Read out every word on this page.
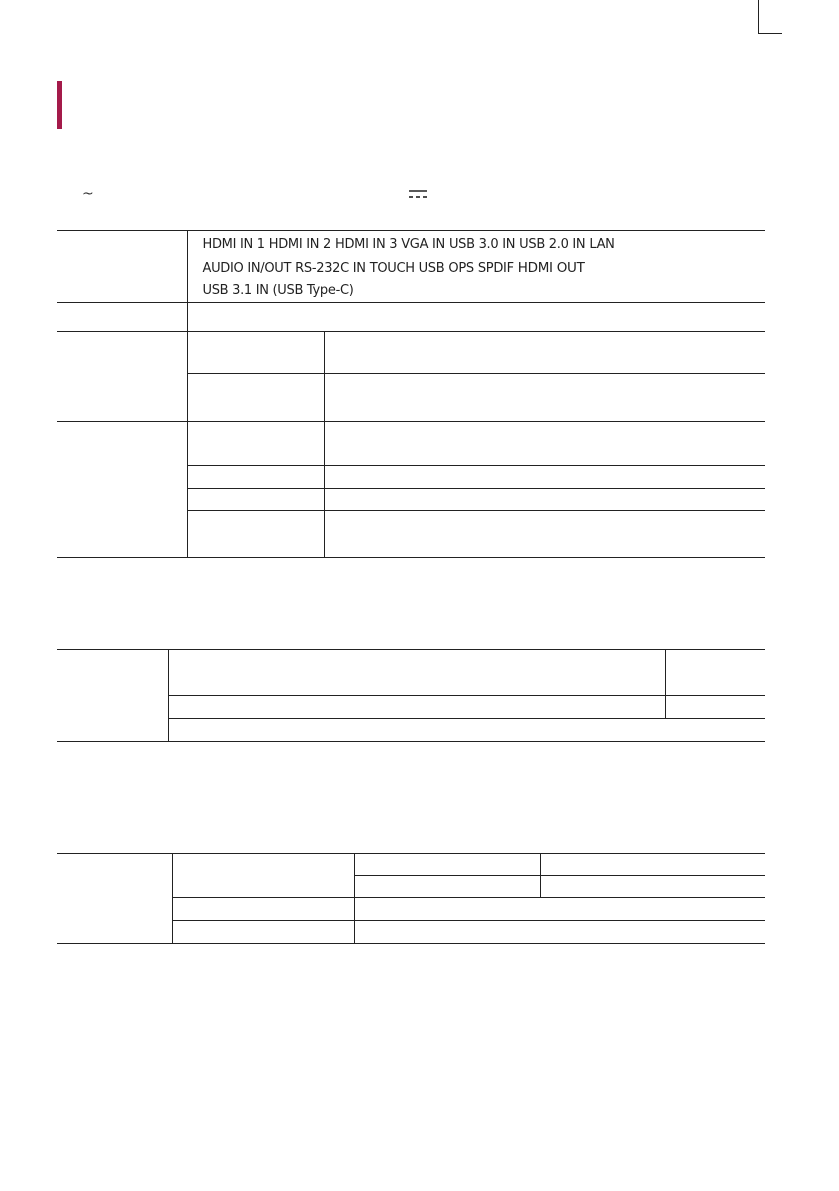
~

	HDMI IN 1 HDMI IN 2 HDMI IN 3 VGA IN USB 3.0 IN USB 2.0 IN LAN
AUDIO IN/OUT RS-232C IN TOUCH USB OPS SPDIF HDMI OUT
USB 3.1 IN (USB Type-C)	
